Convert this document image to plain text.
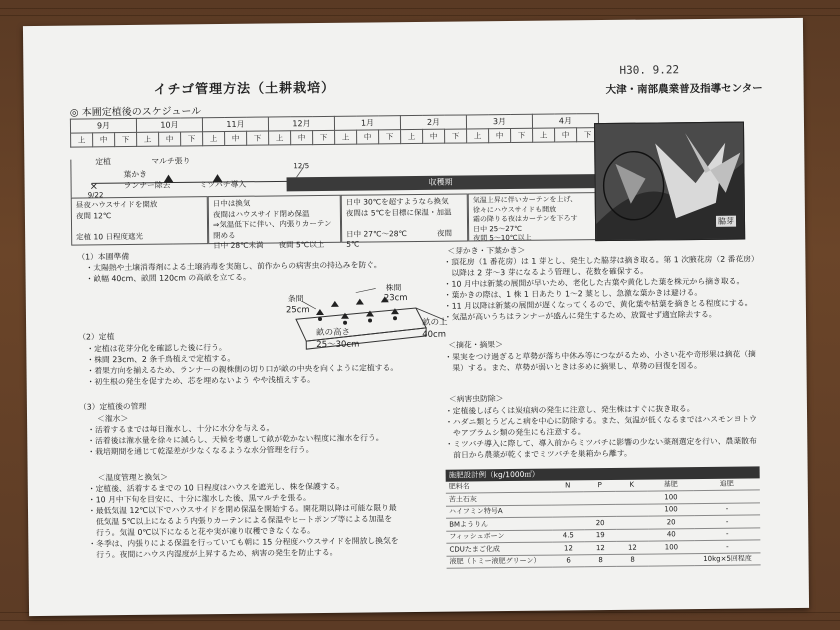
イチゴ管理方法（土耕栽培）
H30. 9.22
大津・南部農業普及指導センター
◎ 本圃定植後のスケジュール
9月			10月			11月			12月			1月			2月			3月			4月		
上	中	下	上	中	下	上	中	下	上	中	下	上	中	下	上	中	下	上	中	下	上	中	下
×
定植	マルチ張り
葉かき
ランナー除去	ミツバチ導入
9/22
12/5
収穫期
昼夜ハウスサイドを開放
夜間 12℃

定植 10 日程度遮光
日中は換気
夜間はハウスサイド閉め保温
⇒気温低下に伴い、内張りカーテン閉める
日中 28℃未満　　夜間 5℃以上
日中 30℃を超すようなら換気
夜間は 5℃を目標に保温・加温

日中 27℃〜28℃　　　　夜間 5℃
気温上昇に伴いカーテンを上げ、
徐々にハウスサイドも開放
霜の降りる夜はカーテンを下ろす
日中 25〜27℃
夜間 5〜10℃以上
脇芽
（1）本圃準備
・太陽熱や土壌消毒剤による土壌消毒を実施し、前作からの病害虫の持込みを防ぐ。
・畝幅 40cm、畝間 120cm の高畝を立てる。
条間
25cm
株間
23cm
畝の高さ
25〜30cm
畝の上
40cm
（2）定植
・定植は花芽分化を確認した後に行う。
・株間 23cm、2 条千鳥植えで定植する。
・着果方向を揃えるため、ランナーの親株側の切り口が畝の中央を向くように定植する。
・初生根の発生を促すため、芯を埋めないよう やや浅植えする。
（3）定植後の管理
＜潅水＞
・活着するまでは毎日潅水し、十分に水分を与える。
・活着後は潅水量を徐々に減らし、天候を考慮して畝が乾かない程度に潅水を行う。
・栽培期間を通じて乾湿差が少なくなるような水分管理を行う。
＜温度管理と換気＞
・定植後、活着するまでの 10 日程度はハウスを遮光し、株を保護する。
・10 月中下旬を目安に、十分に潅水した後、黒マルチを張る。
・最低気温 12℃以下でハウスサイドを閉め保温を開始する。開花期以降は可能な限り最
　低気温 5℃以上になるよう内張りカーテンによる保温やヒートポンプ等による加温を
　行う。気温 0℃以下になると花や実が凍り収穫できなくなる。
・冬季は、内張りによる保温を行っていても朝に 15 分程度ハウスサイドを開放し換気を
　行う。夜間にハウス内湿度が上昇するため、病害の発生を防止する。
＜芽かき・下葉かき＞
・頂花房（1 番花房）は 1 芽とし、発生した脇芽は摘き取る。第 1 次腋花房（2 番花房）
　以降は 2 芽〜3 芽になるよう管理し、花数を確保する。
・10 月中は新葉の展開が早いため、老化した古葉や黄化した葉を株元から摘き取る。
・葉かきの際は、1 株 1 日あたり 1〜2 葉とし、急激な葉かきは避ける。
・11 月以降は新葉の展開が遅くなってくるので、黄化葉や枯葉を摘きとる程度にする。
・気温が高いうちはランナーが盛んに発生するため、放置せず適宜除去する。
＜摘花・摘果＞
・果実をつけ過ぎると草勢が落ち中休み等につながるため、小さい花や奇形果は摘花（摘
　果）する。また、草勢が弱いときは多めに摘果し、草勢の回復を図る。
＜病害虫防除＞
・定植後しばらくは炭疽病の発生に注意し、発生株はすぐに抜き取る。
・ハダニ類とうどんこ病を中心に防除する。また、気温が低くなるまではハスモンヨトウ
　やアブラムシ類の発生にも注意する。
・ミツバチ導入に際して、導入前からミツバチに影響の少ない薬剤選定を行い、農薬散布
　前日から農薬が乾くまでミツバチを巣箱から離す。
施肥設計例（kg/1000㎡）					
肥料名	N	P	K	基肥	追肥
苦土石灰				100	
ハイフミン特号A				100	-
BMようりん		20		20	-
フィッシュボーン	4.5	19		40	-
CDUたまご化成	12	12	12	100	-
液肥（トミー液肥グリーン）	6	8	8		10kg×5回程度
